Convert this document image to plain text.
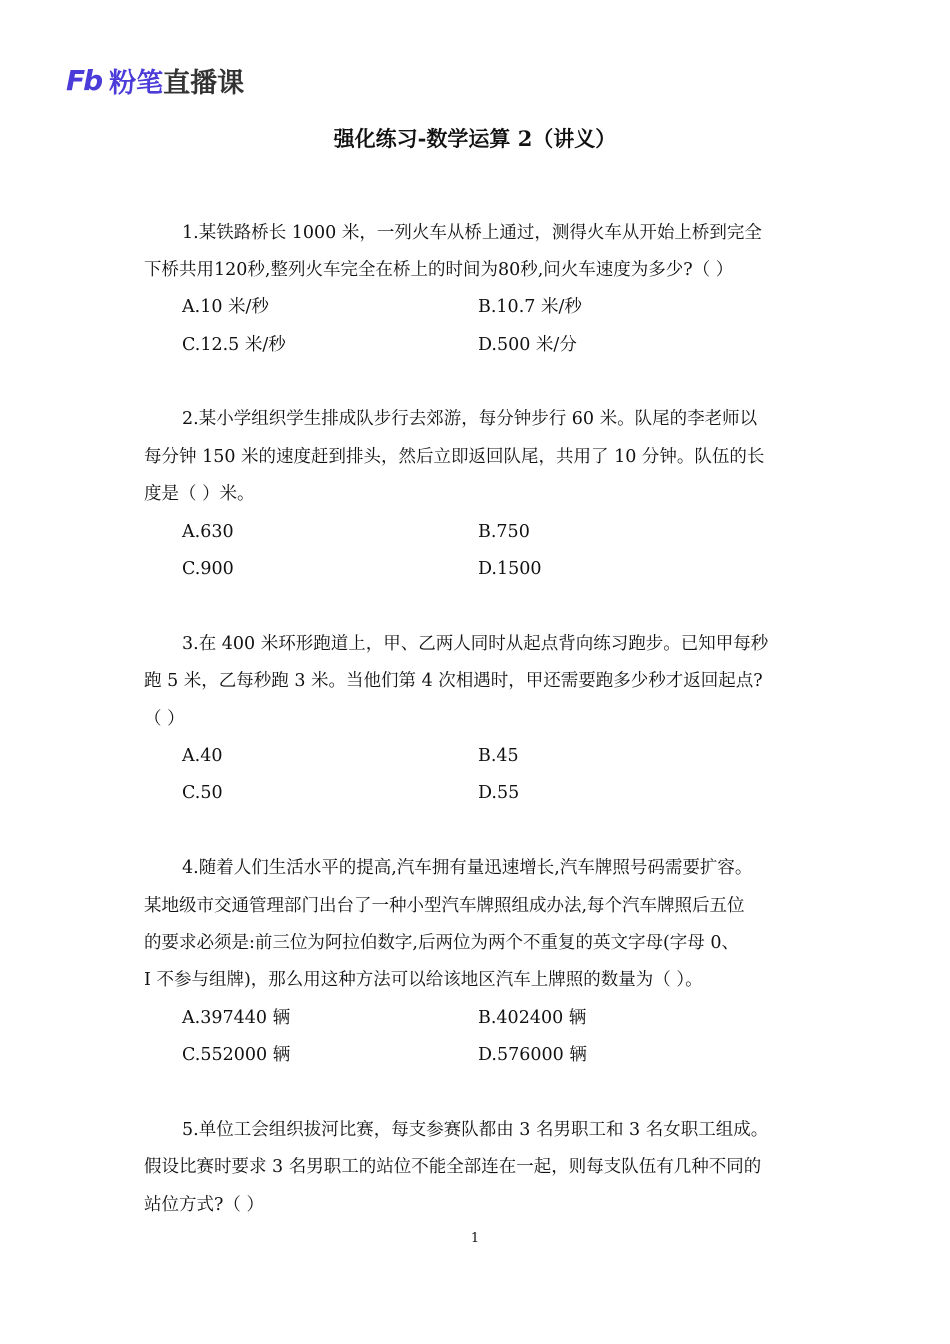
Fb 粉笔直播课
强化练习-数学运算 2（讲义）
1.某铁路桥长 1000 米，一列火车从桥上通过，测得火车从开始上桥到完全
下桥共用120秒,整列火车完全在桥上的时间为80秒,问火车速度为多少?（ ）
A.10 米/秒	B.10.7 米/秒
C.12.5 米/秒	D.500 米/分
2.某小学组织学生排成队步行去郊游，每分钟步行 60 米。队尾的李老师以
每分钟 150 米的速度赶到排头，然后立即返回队尾，共用了 10 分钟。队伍的长
度是（ ）米。
A.630	B.750
C.900	D.1500
3.在 400 米环形跑道上，甲、乙两人同时从起点背向练习跑步。已知甲每秒
跑 5 米，乙每秒跑 3 米。当他们第 4 次相遇时，甲还需要跑多少秒才返回起点?
（ ）
A.40	B.45
C.50	D.55
4.随着人们生活水平的提高,汽车拥有量迅速增长,汽车牌照号码需要扩容。
某地级市交通管理部门出台了一种小型汽车牌照组成办法,每个汽车牌照后五位
的要求必须是:前三位为阿拉伯数字,后两位为两个不重复的英文字母(字母 0、
I 不参与组牌)，那么用这种方法可以给该地区汽车上牌照的数量为（ ）。
A.397440 辆	B.402400 辆
C.552000 辆	D.576000 辆
5.单位工会组织拔河比赛，每支参赛队都由 3 名男职工和 3 名女职工组成。
假设比赛时要求 3 名男职工的站位不能全部连在一起，则每支队伍有几种不同的
站位方式?（ ）
1
